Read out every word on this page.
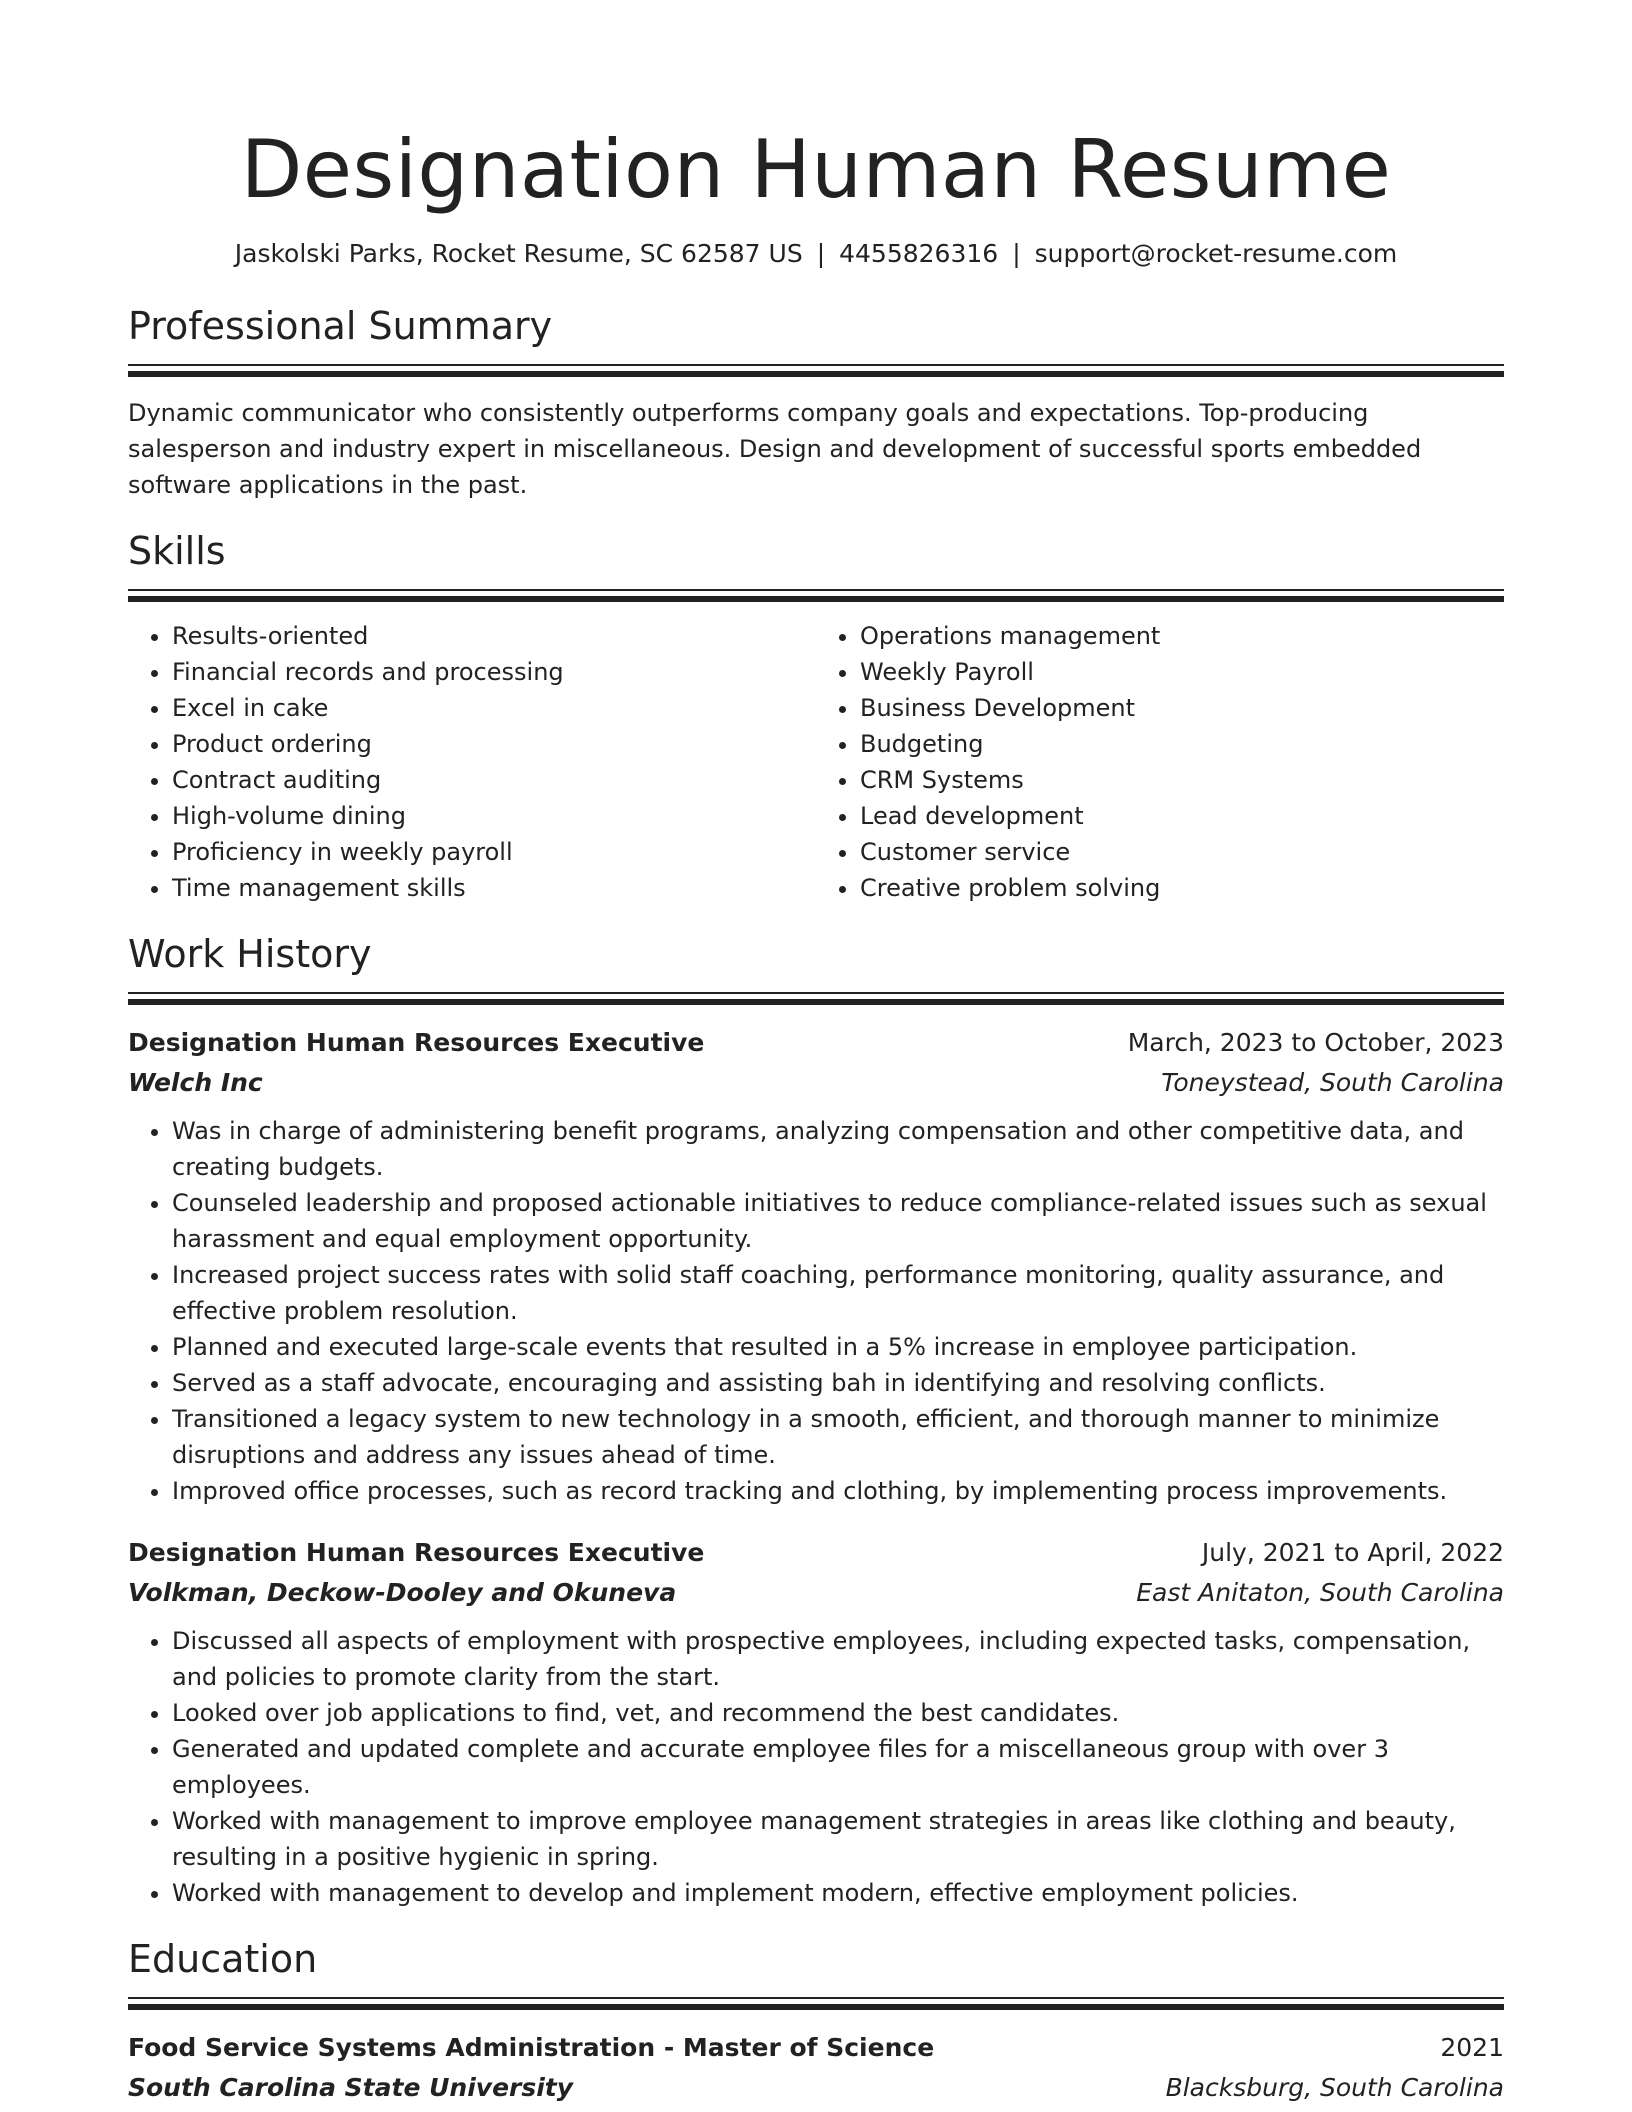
Designation Human Resume
Jaskolski Parks, Rocket Resume, SC 62587 US | 4455826316 | support@rocket-resume.com
Professional Summary

Dynamic communicator who consistently outperforms company goals and expectations. Top-producing salesperson and industry expert in miscellaneous. Design and development of successful sports embedded software applications in the past.

Skills
• Results-oriented
• Financial records and processing
• Excel in cake
• Product ordering
• Contract auditing
• High-volume dining
• Proficiency in weekly payroll
• Time management skills
• Operations management
• Weekly Payroll
• Business Development
• Budgeting
• CRM Systems
• Lead development
• Customer service
• Creative problem solving
Work History
Designation Human Resources Executive	March, 2023 to October, 2023
Welch Inc	Toneystead, South Carolina
• Was in charge of administering benefit programs, analyzing compensation and other competitive data, and creating budgets.
• Counseled leadership and proposed actionable initiatives to reduce compliance-related issues such as sexual harassment and equal employment opportunity.
• Increased project success rates with solid staff coaching, performance monitoring, quality assurance, and effective problem resolution.
• Planned and executed large-scale events that resulted in a 5% increase in employee participation.
• Served as a staff advocate, encouraging and assisting bah in identifying and resolving conflicts.
• Transitioned a legacy system to new technology in a smooth, efficient, and thorough manner to minimize disruptions and address any issues ahead of time.
• Improved office processes, such as record tracking and clothing, by implementing process improvements.
Designation Human Resources Executive	July, 2021 to April, 2022
Volkman, Deckow-Dooley and Okuneva	East Anitaton, South Carolina
• Discussed all aspects of employment with prospective employees, including expected tasks, compensation, and policies to promote clarity from the start.
• Looked over job applications to find, vet, and recommend the best candidates.
• Generated and updated complete and accurate employee files for a miscellaneous group with over 3 employees.
• Worked with management to improve employee management strategies in areas like clothing and beauty, resulting in a positive hygienic in spring.
• Worked with management to develop and implement modern, effective employment policies.
Education
Food Service Systems Administration - Master of Science	2021
South Carolina State University	Blacksburg, South Carolina
